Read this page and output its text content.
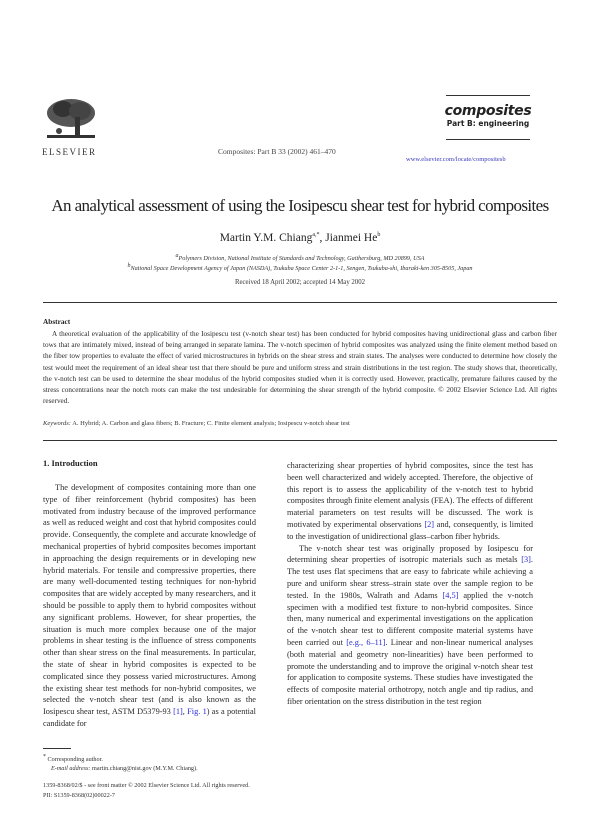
ELSEVIER	Composites: Part B 33 (2002) 461–470
composites
Part B: engineering
www.elsevier.com/locate/compositesb
An analytical assessment of using the Iosipescu shear test for hybrid composites
Martin Y.M. Chiang$^{a,*}$, Jianmei He$^b$
$^a$Polymers Division, National Institute of Standards and Technology, Gaithersburg, MD 20899, USA
$^b$National Space Development Agency of Japan (NASDA), Tsukuba Space Center 2-1-1, Sengen, Tsukuba-shi, Ibaraki-ken 305-8505, Japan
Received 18 April 2002; accepted 14 May 2002
Abstract
A theoretical evaluation of the applicability of the Iosipescu test (v-notch shear test) has been conducted for hybrid composites having unidirectional glass and carbon fiber tows that are intimately mixed, instead of being arranged in separate lamina. The v-notch specimen of hybrid composites was analyzed using the finite element method based on the fiber tow properties to evaluate the effect of varied microstructures in hybrids on the shear stress and strain states. The analyses were conducted to determine how closely the test would meet the requirement of an ideal shear test that there should be pure and uniform stress and strain distributions in the test region. The study shows that, theoretically, the v-notch test can be used to determine the shear modulus of the hybrid composites studied when it is correctly used. However, practically, premature failures caused by the stress concentrations near the notch roots can make the test undesirable for determining the shear strength of the hybrid composite. © 2002 Elsevier Science Ltd. All rights reserved.
Keywords: A. Hybrid; A. Carbon and glass fibers; B. Fracture; C. Finite element analysis; Iosipescu v-notch shear test
1. Introduction

The development of composites containing more than one type of fiber reinforcement (hybrid composites) has been motivated from industry because of the improved performance as well as reduced weight and cost that hybrid composites could provide. Consequently, the complete and accurate knowledge of mechanical properties of hybrid composites becomes important in approaching the design requirements or in developing new hybrid materials. For tensile and compressive properties, there are many well-documented testing techniques for non-hybrid composites that are widely accepted by many researchers, and it should be possible to apply them to hybrid composites without any significant problems. However, for shear properties, the situation is much more complex because one of the major problems in shear testing is the influence of stress components other than shear stress on the final measurements. In particular, the state of shear in hybrid composites is expected to be complicated since they possess varied microstructures. Among the existing shear test methods for non-hybrid composites, we selected the v-notch shear test (and is also known as the Iosipescu shear test, ASTM D5379-93 [1], Fig. 1) as a potential candidate for

characterizing shear properties of hybrid composites, since the test has been well characterized and widely accepted. Therefore, the objective of this report is to assess the applicability of the v-notch test to hybrid composites through finite element analysis (FEA). The effects of different material parameters on test results will be discussed. The work is motivated by experimental observations [2] and, consequently, is limited to the investigation of unidirectional glass–carbon fiber hybrids.

The v-notch shear test was originally proposed by Iosipescu for determining shear properties of isotropic materials such as metals [3]. The test uses flat specimens that are easy to fabricate while achieving a pure and uniform shear stress–strain state over the sample region to be tested. In the 1980s, Walrath and Adams [4,5] applied the v-notch specimen with a modified test fixture to non-hybrid composites. Since then, many numerical and experimental investigations on the application of the v-notch shear test to different composite material systems have been carried out [e.g., 6–11]. Linear and non-linear numerical analyses (both material and geometry non-linearities) have been performed to promote the understanding and to improve the original v-notch shear test for application to composite systems. These studies have investigated the effects of composite material orthotropy, notch angle and tip radius, and fiber orientation on the stress distribution in the test region

* Corresponding author.
E-mail address: martin.chiang@nist.gov (M.Y.M. Chiang).
1359-8368/02/$ - see front matter © 2002 Elsevier Science Ltd. All rights reserved.
PII: S1359-8368(02)00022-7
